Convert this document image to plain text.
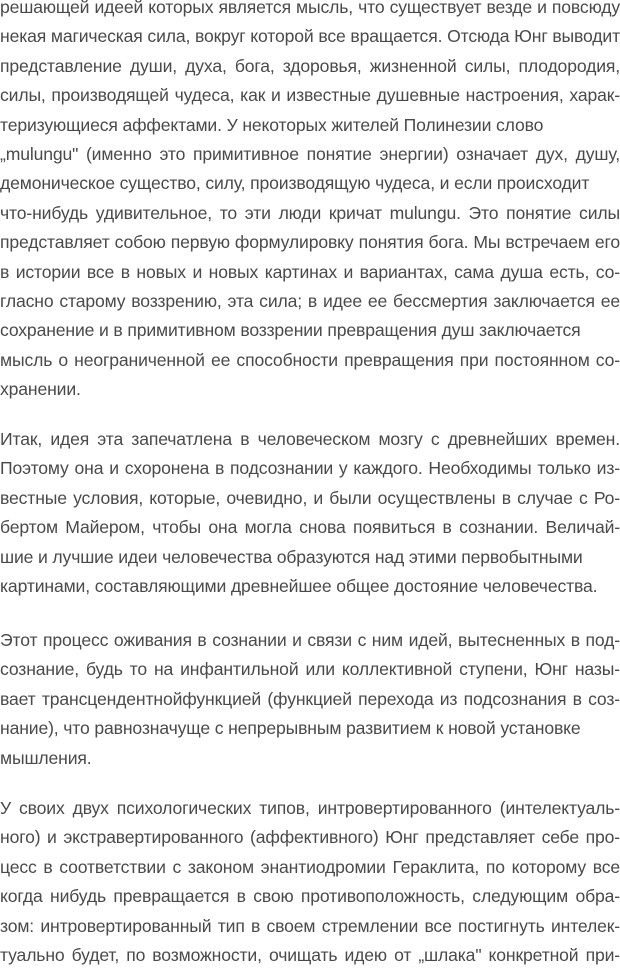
решающей идеей которых является мысль, что существует везде и повсюду
некая магическая сила, вокруг которой все вращается. Отсюда Юнг выводит
представление души, духа, бога, здоровья, жизненной силы, плодородия,
силы, производящей чудеса, как и известные душевные настроения, харак-
теризующиеся аффектами. У некоторых жителей Полинезии слово
„mulungu" (именно это примитивное понятие энергии) означает дух, душу,
демоническое существо, силу, производящую чудеса, и если происходит
что-нибудь удивительное, то эти люди кричат mulungu. Это понятие силы
представляет собою первую формулировку понятия бога. Мы встречаем его
в истории все в новых и новых картинах и вариантах, сама душа есть, со-
гласно старому воззрению, эта сила; в идее ее бессмертия заключается ее
сохранение и в примитивном воззрении превращения душ заключается
мысль о неограниченной ее способности превращения при постоянном со-
хранении.
Итак, идея эта запечатлена в человеческом мозгу с древнейших времен.
Поэтому она и схоронена в подсознании у каждого. Необходимы только из-
вестные условия, которые, очевидно, и были осуществлены в случае с Ро-
бертом Майером, чтобы она могла снова появиться в сознании. Величай-
шие и лучшие идеи человечества образуются над этими первобытными
картинами, составляющими древнейшее общее достояние человечества.
Этот процесс оживания в сознании и связи с ним идей, вытесненных в под-
сознание, будь то на инфантильной или коллективной ступени, Юнг назы-
вает трансцендентнойфункцией (функцией перехода из подсознания в соз-
нание), что равнозначуще с непрерывным развитием к новой установке
мышления.
У своих двух психологических типов, интровертированного (интелектуаль-
ного) и экстравертированного (аффективного) Юнг представляет себе про-
цесс в соответствии с законом энантиодромии Гераклита, по которому все
когда нибудь превращается в свою противоположность, следующим обра-
зом: интровертированный тип в своем стремлении все постигнуть интелек-
туально будет, по возможности, очищать идею от „шлака" конкретной при-
